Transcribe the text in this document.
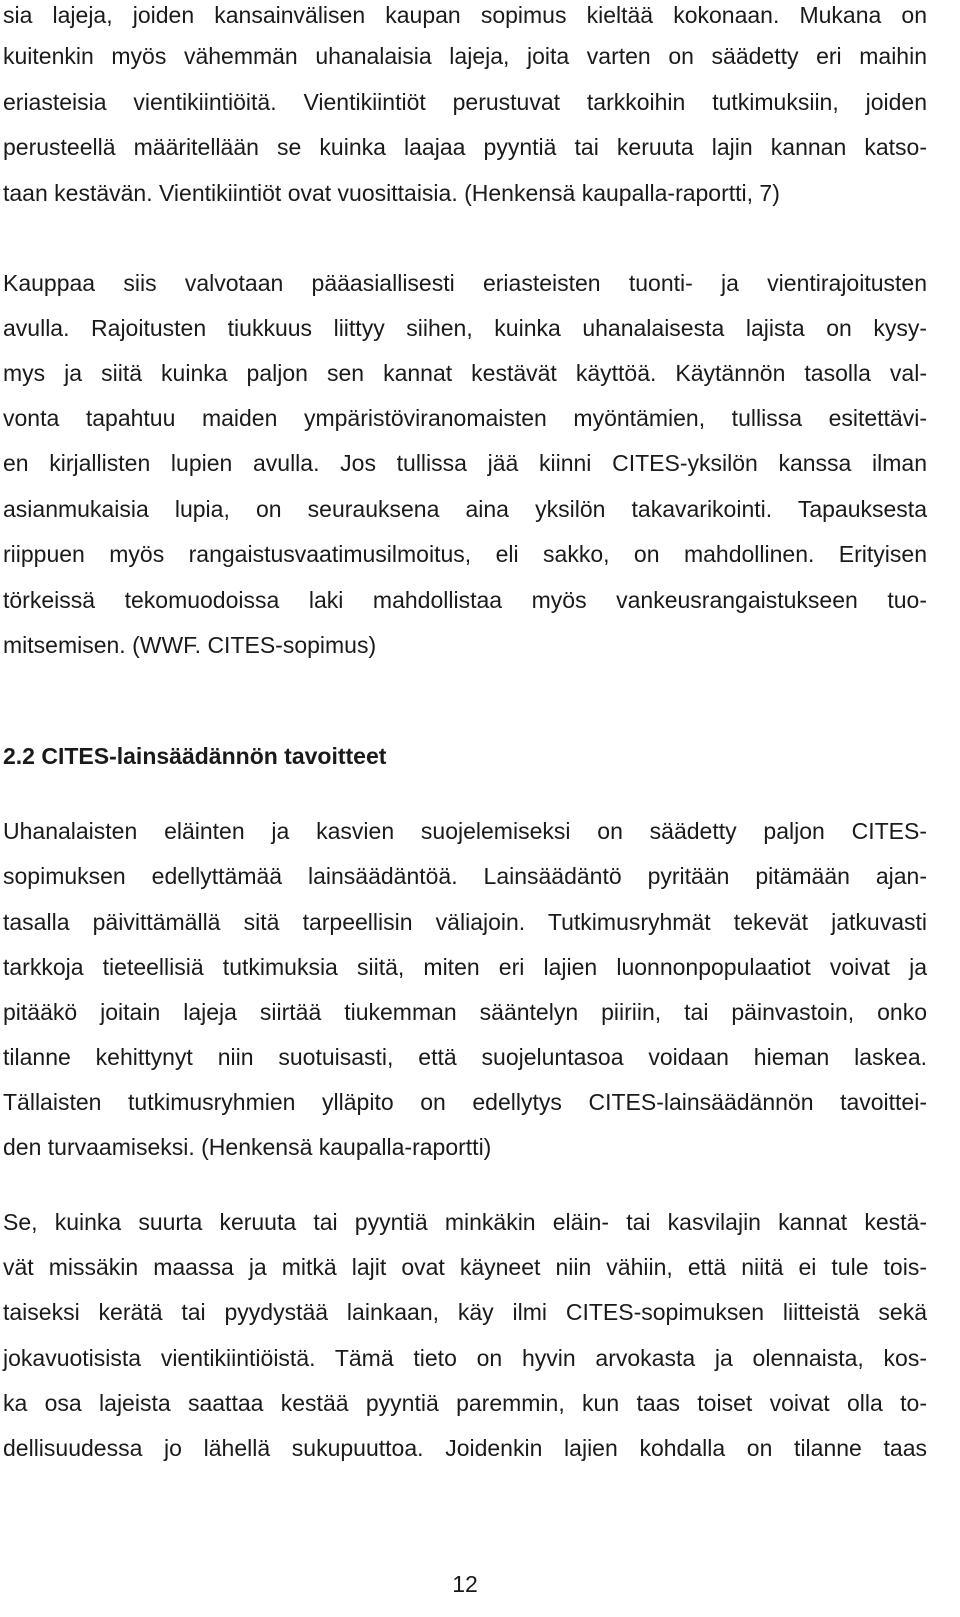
sia lajeja, joiden kansainvälisen kaupan sopimus kieltää kokonaan. Mukana on
kuitenkin myös vähemmän uhanalaisia lajeja, joita varten on säädetty eri maihin
eriasteisia vientikiintiöitä. Vientikiintiöt perustuvat tarkkoihin tutkimuksiin, joiden
perusteellä määritellään se kuinka laajaa pyyntiä tai keruuta lajin kannan katso-
taan kestävän. Vientikiintiöt ovat vuosittaisia. (Henkensä kaupalla-raportti, 7)
Kauppaa siis valvotaan pääasiallisesti eriasteisten tuonti- ja vientirajoitusten
avulla. Rajoitusten tiukkuus liittyy siihen, kuinka uhanalaisesta lajista on kysy-
mys ja siitä kuinka paljon sen kannat kestävät käyttöä. Käytännön tasolla val-
vonta tapahtuu maiden ympäristöviranomaisten myöntämien, tullissa esitettävi-
en kirjallisten lupien avulla. Jos tullissa jää kiinni CITES-yksilön kanssa ilman
asianmukaisia lupia, on seurauksena aina yksilön takavarikointi. Tapauksesta
riippuen myös rangaistusvaatimusilmoitus, eli sakko, on mahdollinen. Erityisen
törkeissä tekomuodoissa laki mahdollistaa myös vankeusrangaistukseen tuo-
mitsemisen. (WWF. CITES-sopimus)
2.2 CITES-lainsäädännön tavoitteet
Uhanalaisten eläinten ja kasvien suojelemiseksi on säädetty paljon CITES-
sopimuksen edellyttämää lainsäädäntöä. Lainsäädäntö pyritään pitämään ajan-
tasalla päivittämällä sitä tarpeellisin väliajoin. Tutkimusryhmät tekevät jatkuvasti
tarkkoja tieteellisiä tutkimuksia siitä, miten eri lajien luonnonpopulaatiot voivat ja
pitääkö joitain lajeja siirtää tiukemman sääntelyn piiriin, tai päinvastoin, onko
tilanne kehittynyt niin suotuisasti, että suojeluntasoa voidaan hieman laskea.
Tällaisten tutkimusryhmien ylläpito on edellytys CITES-lainsäädännön tavoittei-
den turvaamiseksi. (Henkensä kaupalla-raportti)
Se, kuinka suurta keruuta tai pyyntiä minkäkin eläin- tai kasvilajin kannat kestä-
vät missäkin maassa ja mitkä lajit ovat käyneet niin vähiin, että niitä ei tule tois-
taiseksi kerätä tai pyydystää lainkaan, käy ilmi CITES-sopimuksen liitteistä sekä
jokavuotisista vientikiintiöistä. Tämä tieto on hyvin arvokasta ja olennaista, kos-
ka osa lajeista saattaa kestää pyyntiä paremmin, kun taas toiset voivat olla to-
dellisuudessa jo lähellä sukupuuttoa. Joidenkin lajien kohdalla on tilanne taas
12
